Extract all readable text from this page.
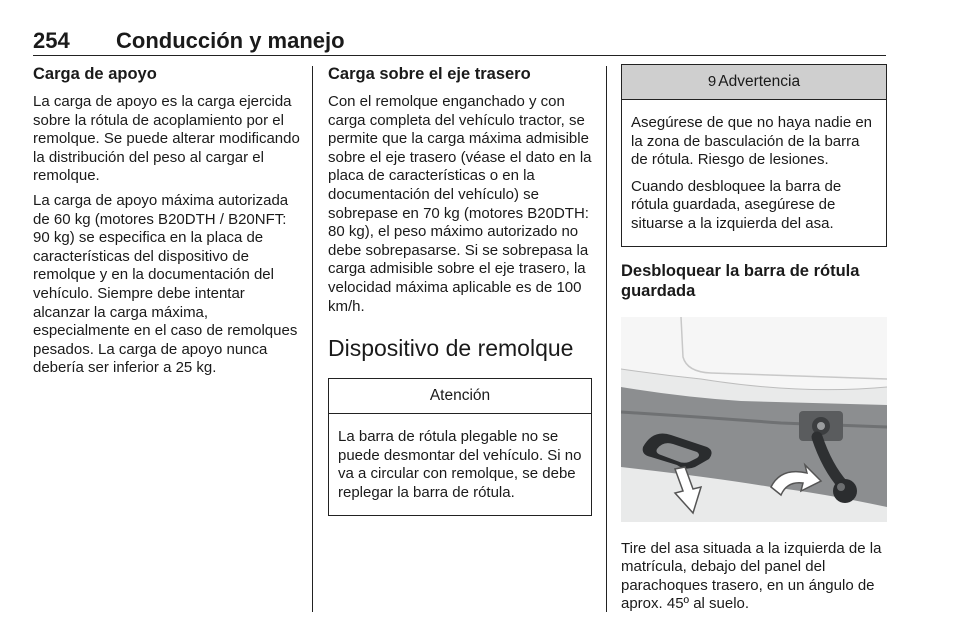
254 Conducción y manejo
Carga de apoyo

La carga de apoyo es la carga ejercida sobre la rótula de acoplamiento por el remolque. Se puede alterar modificando la distribución del peso al cargar el remolque.

La carga de apoyo máxima autorizada de 60 kg (motores B20DTH / B20NFT: 90 kg) se especifica en la placa de características del dispositivo de remolque y en la documentación del vehículo. Siempre debe intentar alcanzar la carga máxima, especialmente en el caso de remolques pesados. La carga de apoyo nunca debería ser inferior a 25 kg.

Carga sobre el eje trasero

Con el remolque enganchado y con carga completa del vehículo tractor, se permite que la carga máxima admisible sobre el eje trasero (véase el dato en la placa de características o en la documentación del vehículo) se sobrepase en 70 kg (motores B20DTH: 80 kg), el peso máximo autorizado no debe sobrepasarse. Si se sobrepasa la carga admisible sobre el eje trasero, la velocidad máxima aplicable es de 100 km/h.

Dispositivo de remolque
Atención

La barra de rótula plegable no se puede desmontar del vehículo. Si no va a circular con remolque, se debe replegar la barra de rótula.

9 Advertencia

Asegúrese de que no haya nadie en la zona de basculación de la barra de rótula. Riesgo de lesiones.

Cuando desbloquee la barra de rótula guardada, asegúrese de situarse a la izquierda del asa.

Desbloquear la barra de rótula guardada

Tire del asa situada a la izquierda de la matrícula, debajo del panel del parachoques trasero, en un ángulo de aprox. 45º al suelo.
